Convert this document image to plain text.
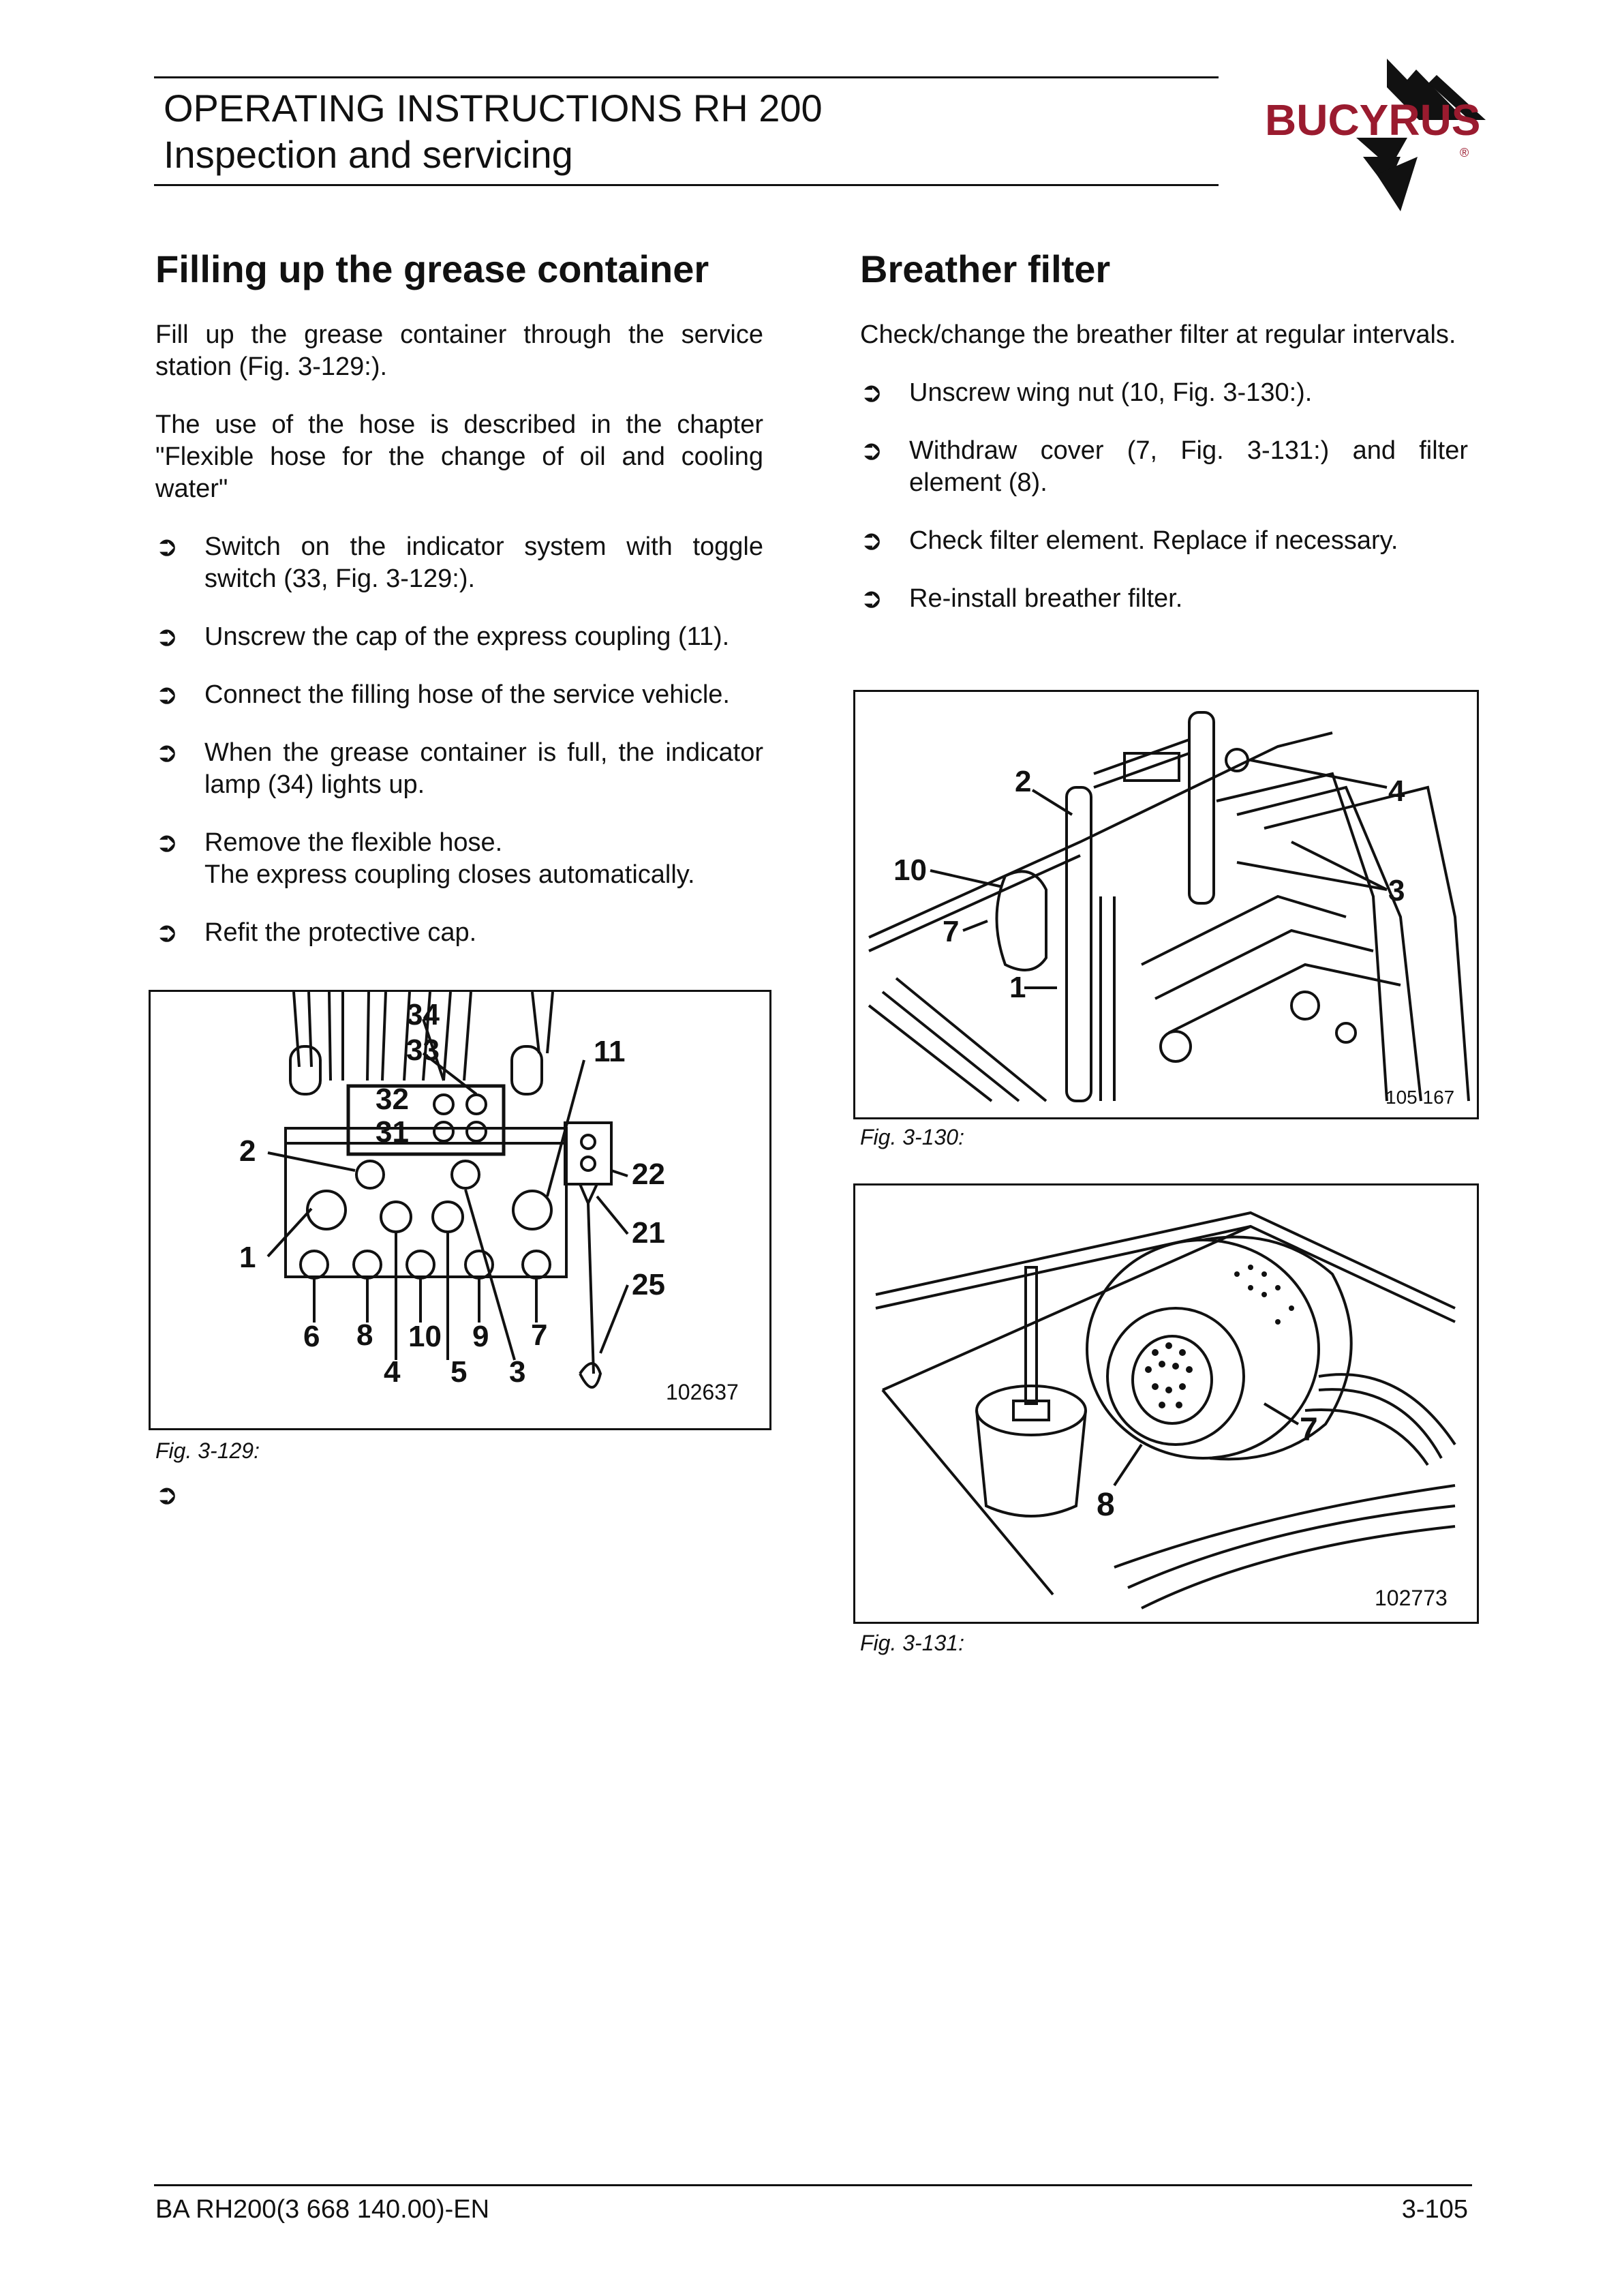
OPERATING INSTRUCTIONS RH 200
Inspection and servicing
BUCYRUS
®
Filling up the grease container

Fill up the grease container through the service station (Fig. 3-129:).

The use of the hose is described in the chapter "Flexible hose for the change of oil and cooling water"

➲ Switch on the indicator system with toggle switch (33, Fig. 3-129:).
➲ Unscrew the cap of the express coupling (11).
➲ Connect the filling hose of the service vehicle.
➲ When the grease container is full, the indicator lamp (34) lights up.
➲ Remove the flexible hose.
The express coupling closes automatically.
➲ Refit the protective cap.
34
33	11
32
31
2
22
21
1
25
6 8 10 9 7
4 5 3
102637
Fig. 3-129:
➲
Breather filter

Check/change the breather filter at regular intervals.

➲ Unscrew wing nut (10, Fig. 3-130:).
➲ Withdraw cover (7, Fig. 3-131:) and filter element (8).
➲ Check filter element. Replace if necessary.
➲ Re-install breather filter.
2	4
10
3
7
1
105 167
Fig. 3-130:
7
8
102773
Fig. 3-131:
BA RH200(3 668 140.00)-EN	3-105
